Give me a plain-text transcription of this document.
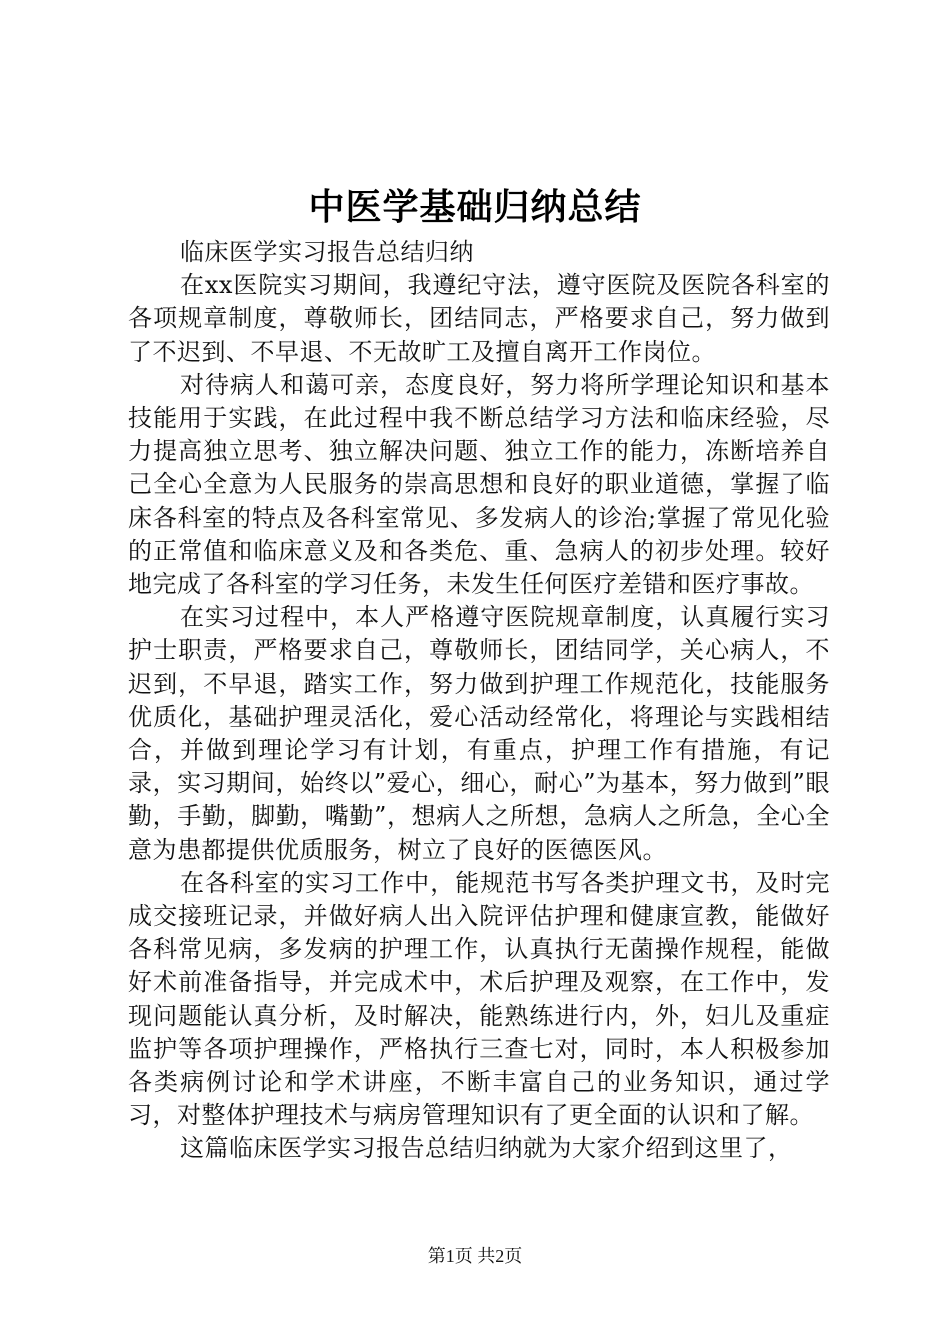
中医学基础归纳总结

临床医学实习报告总结归纳

在xx医院实习期间，我遵纪守法，遵守医院及医院各科室的各项规章制度，尊敬师长，团结同志，严格要求自己，努力做到了不迟到、不早退、不无故旷工及擅自离开工作岗位。

对待病人和蔼可亲，态度良好，努力将所学理论知识和基本技能用于实践，在此过程中我不断总结学习方法和临床经验，尽力提高独立思考、独立解决问题、独立工作的能力，冻断培养自己全心全意为人民服务的崇高思想和良好的职业道德，掌握了临床各科室的特点及各科室常见、多发病人的诊治;掌握了常见化验的正常值和临床意义及和各类危、重、急病人的初步处理。较好地完成了各科室的学习任务，未发生任何医疗差错和医疗事故。

在实习过程中，本人严格遵守医院规章制度，认真履行实习护士职责，严格要求自己，尊敬师长，团结同学，关心病人，不迟到，不早退，踏实工作，努力做到护理工作规范化，技能服务优质化，基础护理灵活化，爱心活动经常化，将理论与实践相结合，并做到理论学习有计划，有重点，护理工作有措施，有记录，实习期间，始终以”爱心，细心，耐心”为基本，努力做到”眼勤，手勤，脚勤，嘴勤”，想病人之所想，急病人之所急，全心全意为患都提供优质服务，树立了良好的医德医风。

在各科室的实习工作中，能规范书写各类护理文书，及时完成交接班记录，并做好病人出入院评估护理和健康宣教，能做好各科常见病，多发病的护理工作，认真执行无菌操作规程，能做好术前准备指导，并完成术中，术后护理及观察，在工作中，发现问题能认真分析，及时解决，能熟练进行内，外，妇儿及重症监护等各项护理操作，严格执行三查七对，同时，本人积极参加各类病例讨论和学术讲座，不断丰富自己的业务知识，通过学习，对整体护理技术与病房管理知识有了更全面的认识和了解。

这篇临床医学实习报告总结归纳就为大家介绍到这里了，

第1页 共2页
